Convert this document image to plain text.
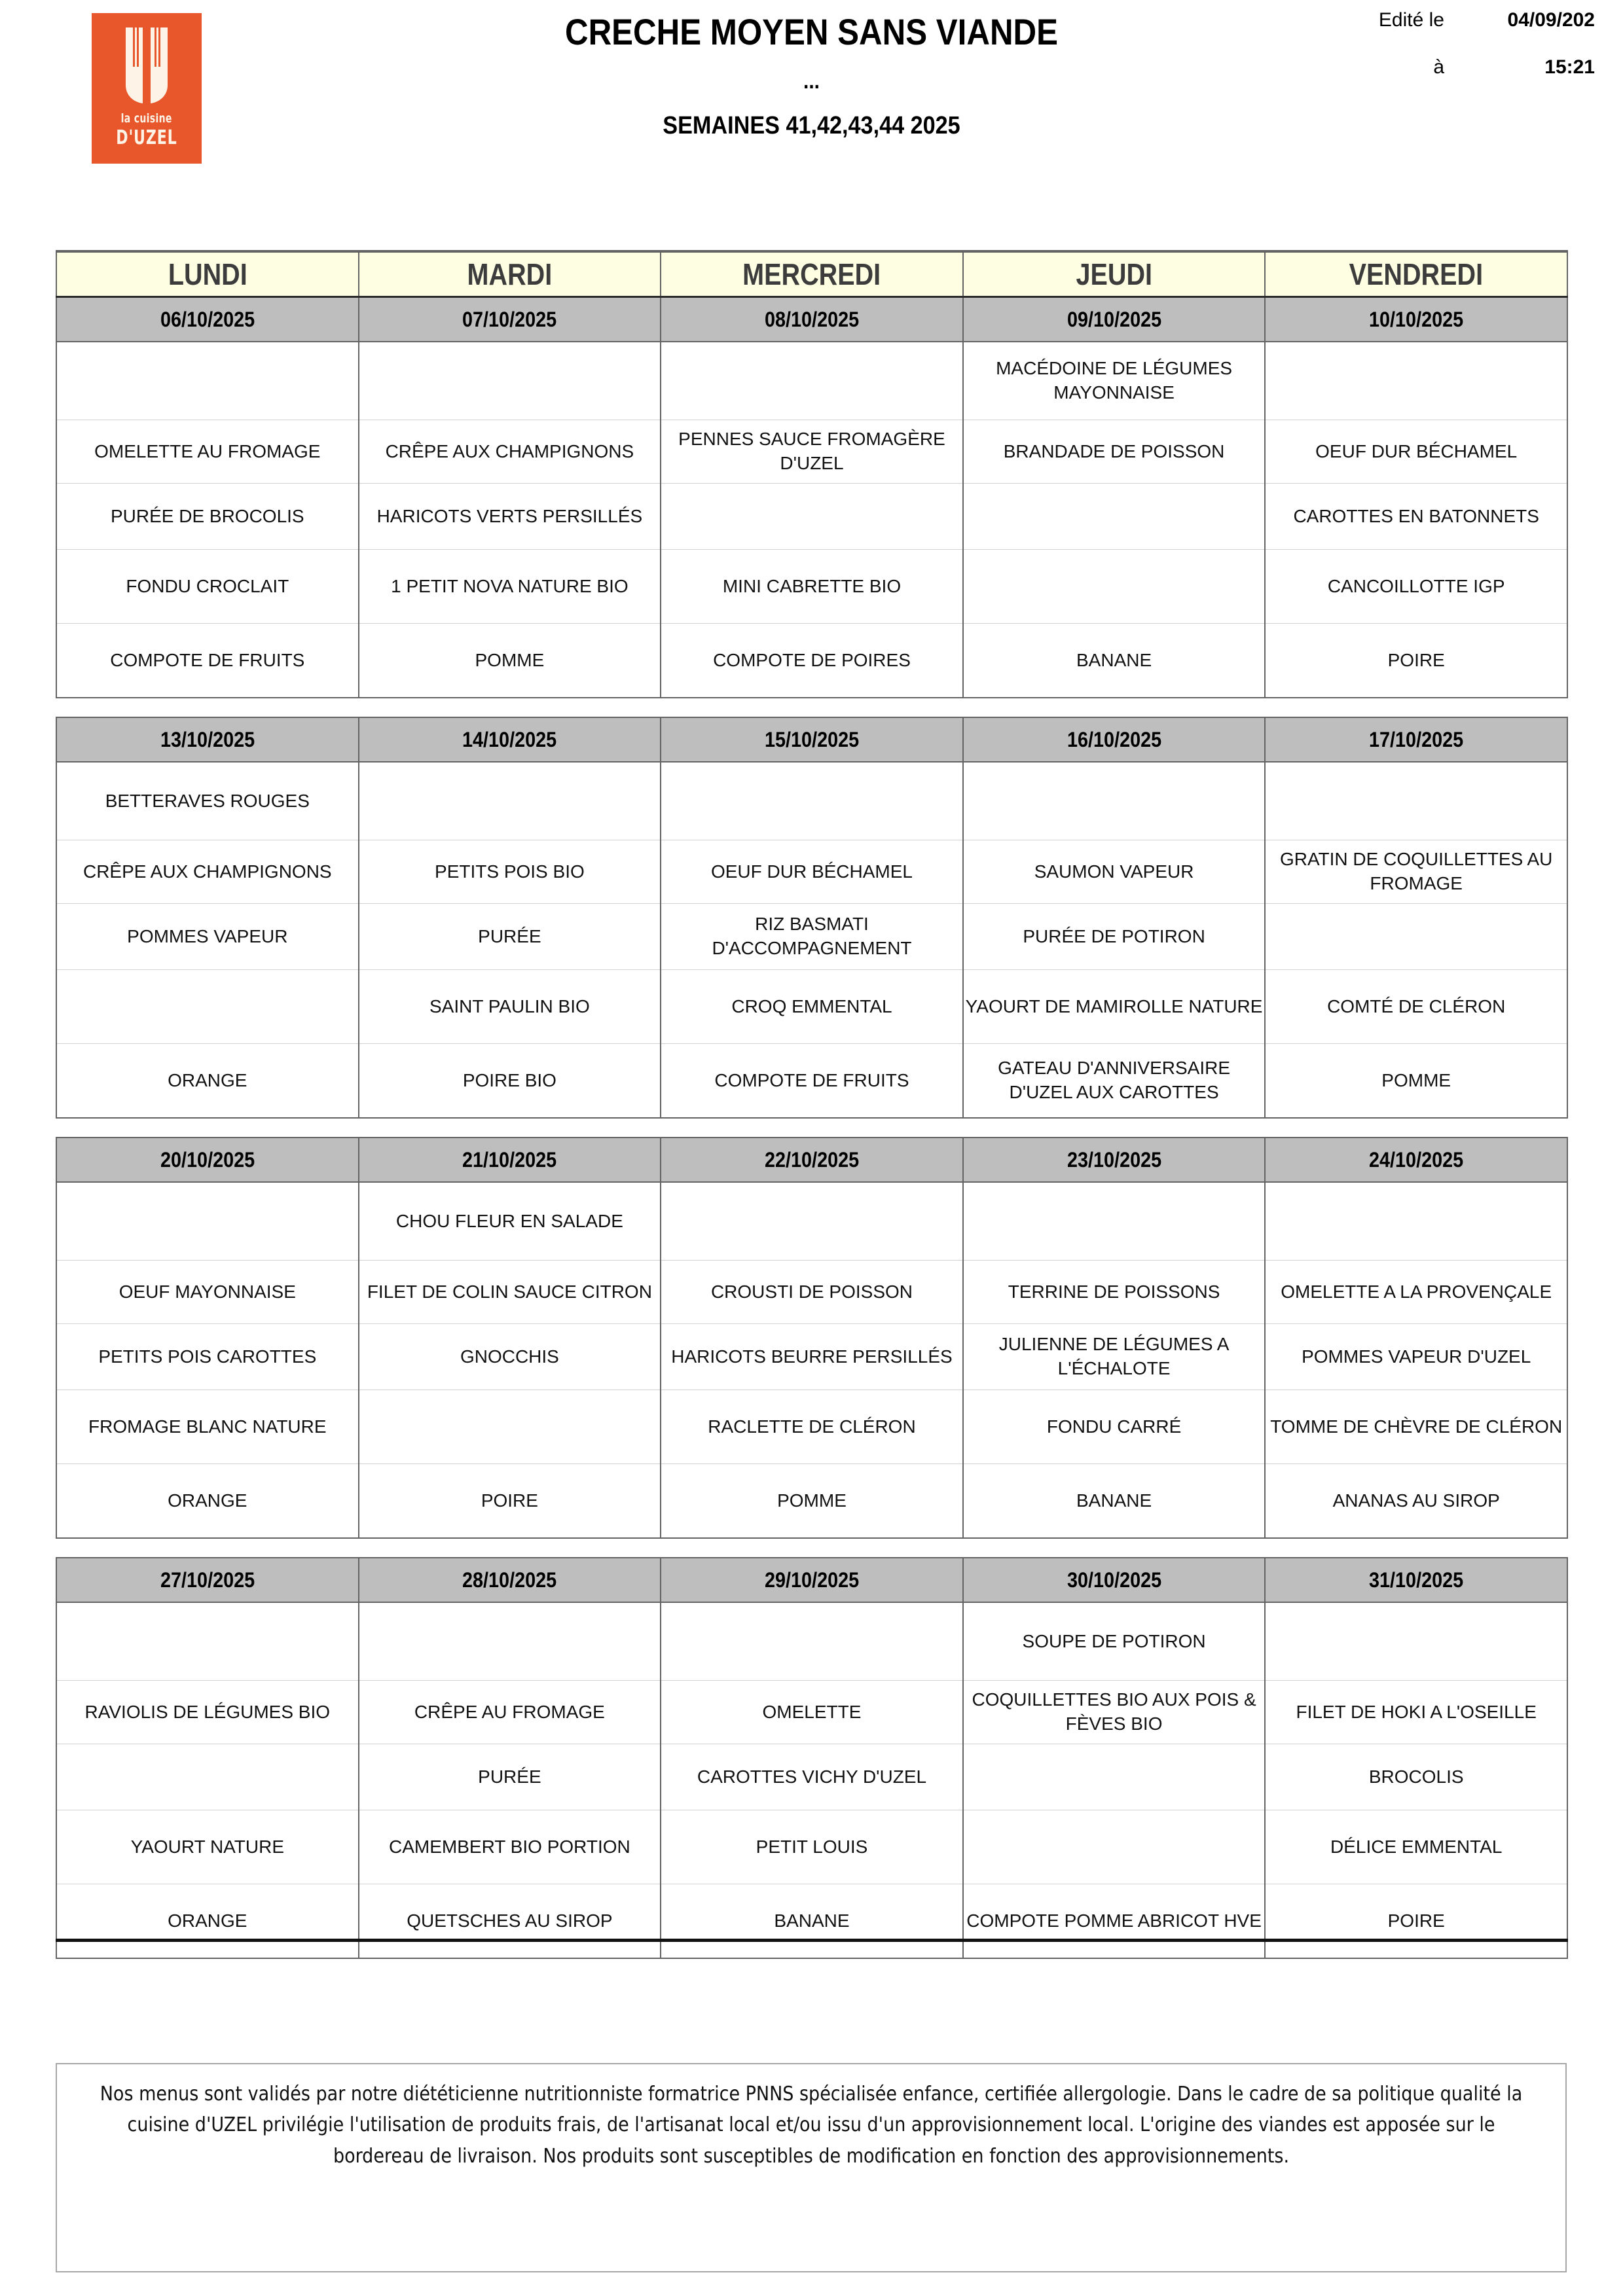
la cuisine
D'UZEL
CRECHE MOYEN SANS VIANDE
...
SEMAINES 41,42,43,44 2025
Edité le	04/09/202
à	15:21
LUNDI	MARDI	MERCREDI	JEUDI	VENDREDI
06/10/2025	07/10/2025	08/10/2025	09/10/2025	10/10/2025
			MACÉDOINE DE LÉGUMES MAYONNAISE	
OMELETTE AU FROMAGE	CRÊPE AUX CHAMPIGNONS	PENNES SAUCE FROMAGÈRE D'UZEL	BRANDADE DE POISSON	OEUF DUR BÉCHAMEL
PURÉE DE BROCOLIS	HARICOTS VERTS PERSILLÉS			CAROTTES EN BATONNETS
FONDU CROCLAIT	1 PETIT NOVA NATURE BIO	MINI CABRETTE BIO		CANCOILLOTTE IGP
COMPOTE DE FRUITS	POMME	COMPOTE DE POIRES	BANANE	POIRE

13/10/2025	14/10/2025	15/10/2025	16/10/2025	17/10/2025
BETTERAVES ROUGES				
CRÊPE AUX CHAMPIGNONS	PETITS POIS BIO	OEUF DUR BÉCHAMEL	SAUMON VAPEUR	GRATIN DE COQUILLETTES AU FROMAGE
POMMES VAPEUR	PURÉE	RIZ BASMATI D'ACCOMPAGNEMENT	PURÉE DE POTIRON	
	SAINT PAULIN BIO	CROQ EMMENTAL	YAOURT DE MAMIROLLE NATURE	COMTÉ DE CLÉRON
ORANGE	POIRE BIO	COMPOTE DE FRUITS	GATEAU D'ANNIVERSAIRE D'UZEL AUX CAROTTES	POMME

20/10/2025	21/10/2025	22/10/2025	23/10/2025	24/10/2025
	CHOU FLEUR EN SALADE			
OEUF MAYONNAISE	FILET DE COLIN SAUCE CITRON	CROUSTI DE POISSON	TERRINE DE POISSONS	OMELETTE A LA PROVENÇALE
PETITS POIS CAROTTES	GNOCCHIS	HARICOTS BEURRE PERSILLÉS	JULIENNE DE LÉGUMES A L'ÉCHALOTE	POMMES VAPEUR D'UZEL
FROMAGE BLANC NATURE		RACLETTE DE CLÉRON	FONDU CARRÉ	TOMME DE CHÈVRE DE CLÉRON
ORANGE	POIRE	POMME	BANANE	ANANAS AU SIROP

27/10/2025	28/10/2025	29/10/2025	30/10/2025	31/10/2025
			SOUPE DE POTIRON	
RAVIOLIS DE LÉGUMES BIO	CRÊPE AU FROMAGE	OMELETTE	COQUILLETTES BIO AUX POIS & FÈVES BIO	FILET DE HOKI A L'OSEILLE
	PURÉE	CAROTTES VICHY D'UZEL		BROCOLIS
YAOURT NATURE	CAMEMBERT BIO PORTION	PETIT LOUIS		DÉLICE EMMENTAL
ORANGE	QUETSCHES AU SIROP	BANANE	COMPOTE POMME ABRICOT HVE	POIRE
Nos menus sont validés par notre diététicienne nutritionniste formatrice PNNS spécialisée enfance, certifiée allergologie. Dans le cadre de sa politique qualité la cuisine d'UZEL privilégie l'utilisation de produits frais, de l'artisanat local et/ou issu d'un approvisionnement local. L'origine des viandes est apposée sur le bordereau de livraison. Nos produits sont susceptibles de modification en fonction des approvisionnements.
